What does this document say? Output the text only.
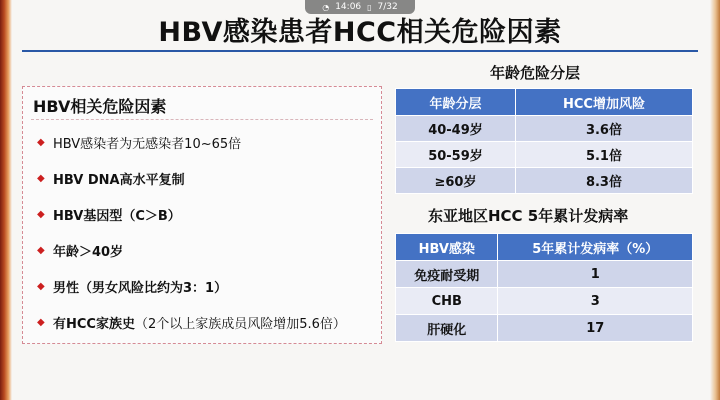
◔ 14:06 ▯ 7/32
HBV感染患者HCC相关危险因素
HBV相关危险因素
◆ HBV感染者为无感染者10~65倍
◆ HBV DNA高水平复制
◆ HBV基因型（C＞B）
◆ 年龄＞40岁
◆ 男性（男女风险比约为3：1）
◆ 有HCC家族史 （2个以上家族成员风险增加5.6倍）
年龄危险分层
年龄分层	HCC增加风险
40-49岁	3.6倍
50-59岁	5.1倍
≥60岁	8.3倍
东亚地区HCC 5年累计发病率
HBV感染	5年累计发病率（%）
免疫耐受期	1
CHB	3
肝硬化	17
